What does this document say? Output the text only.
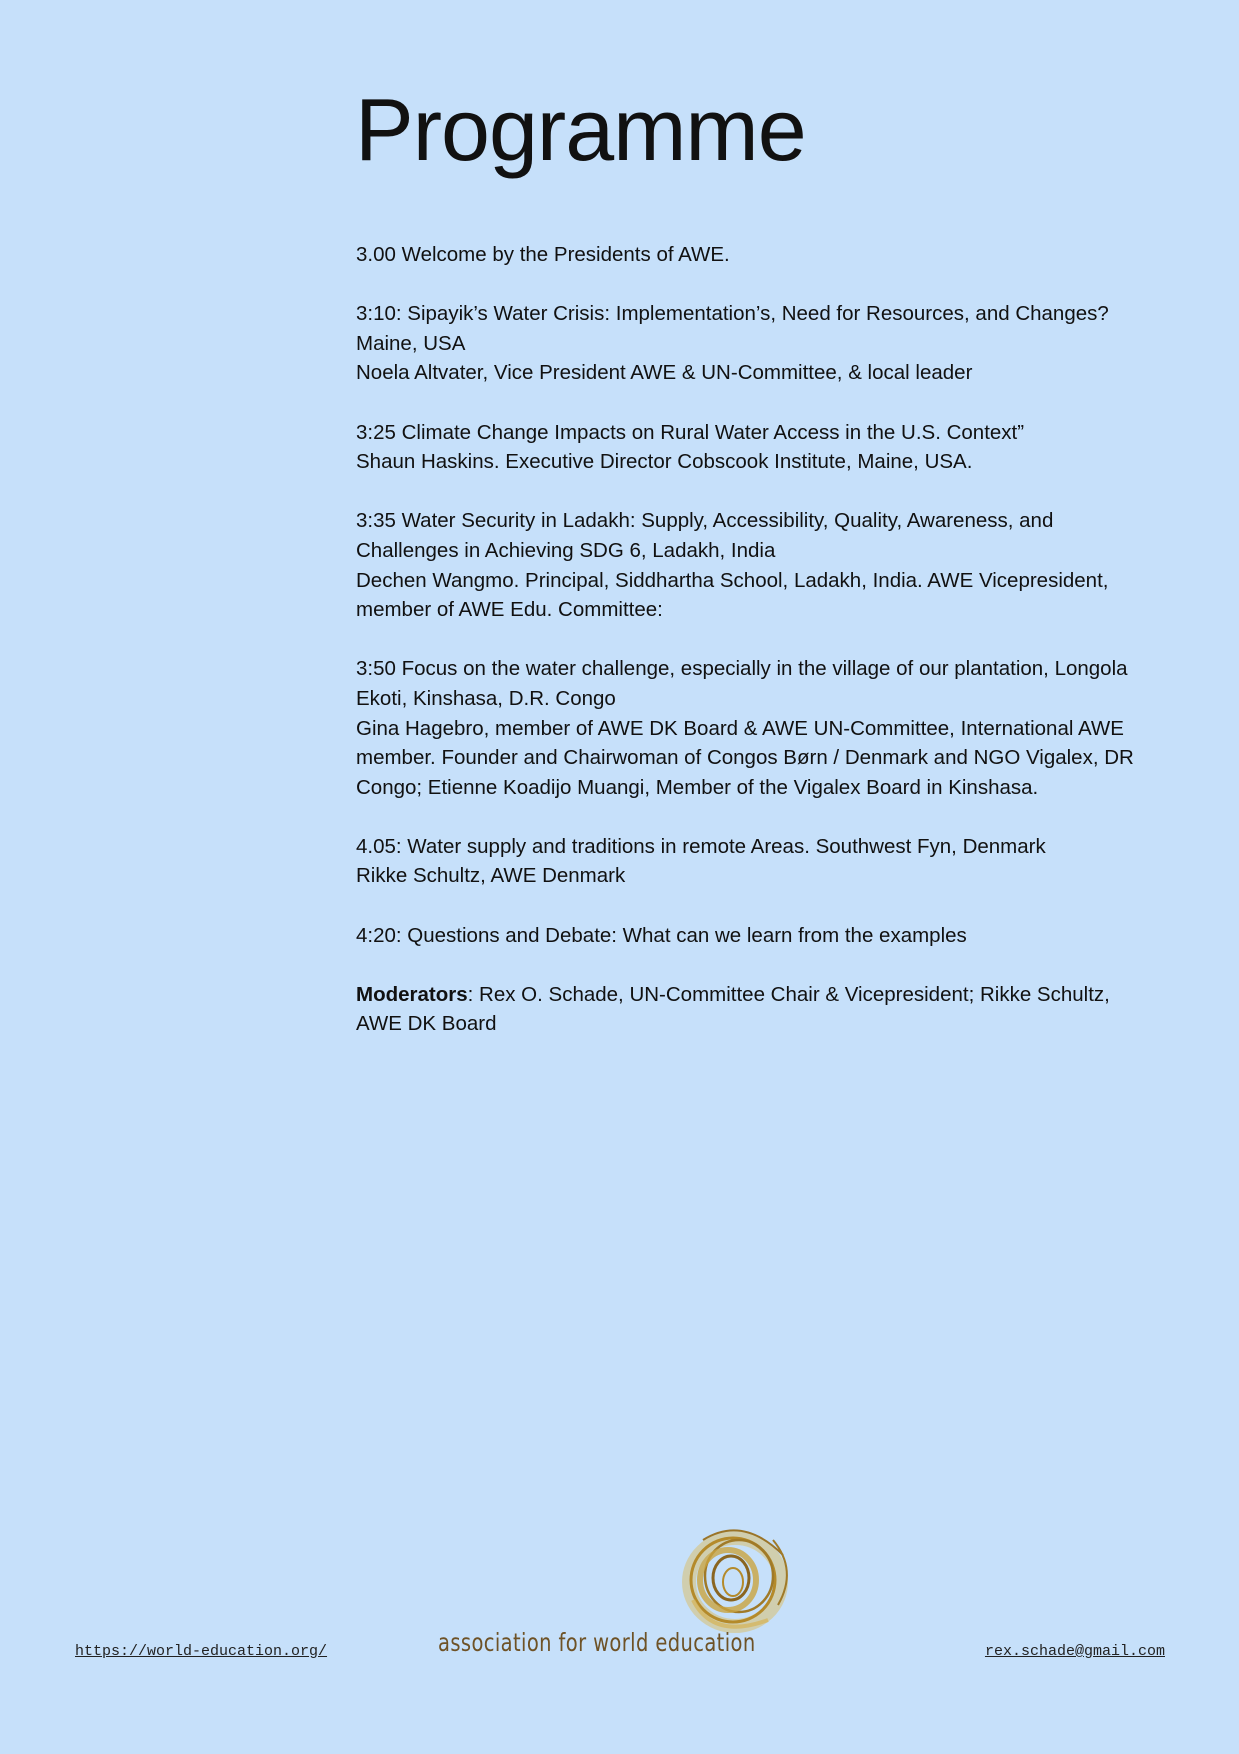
Programme

3.00 Welcome by the Presidents of AWE.

3:10: Sipayik’s Water Crisis: Implementation’s, Need for Resources, and Changes?
Maine, USA
Noela Altvater, Vice President AWE & UN-Committee, & local leader

3:25 Climate Change Impacts on Rural Water Access in the U.S. Context”
Shaun Haskins. Executive Director Cobscook Institute, Maine, USA.

3:35 Water Security in Ladakh: Supply, Accessibility, Quality, Awareness, and
Challenges in Achieving SDG 6, Ladakh, India
Dechen Wangmo. Principal, Siddhartha School, Ladakh, India. AWE Vicepresident,
member of AWE Edu. Committee:

3:50 Focus on the water challenge, especially in the village of our plantation, Longola
Ekoti, Kinshasa, D.R. Congo
Gina Hagebro, member of AWE DK Board & AWE UN-Committee, International AWE
member. Founder and Chairwoman of Congos Børn / Denmark and NGO Vigalex, DR
Congo; Etienne Koadijo Muangi, Member of the Vigalex Board in Kinshasa.

4.05: Water supply and traditions in remote Areas. Southwest Fyn, Denmark
Rikke Schultz, AWE Denmark

4:20: Questions and Debate: What can we learn from the examples

Moderators: Rex O. Schade, UN-Committee Chair & Vicepresident; Rikke Schultz,
AWE DK Board

https://world-education.org/	association for world education	rex.schade@gmail.com
